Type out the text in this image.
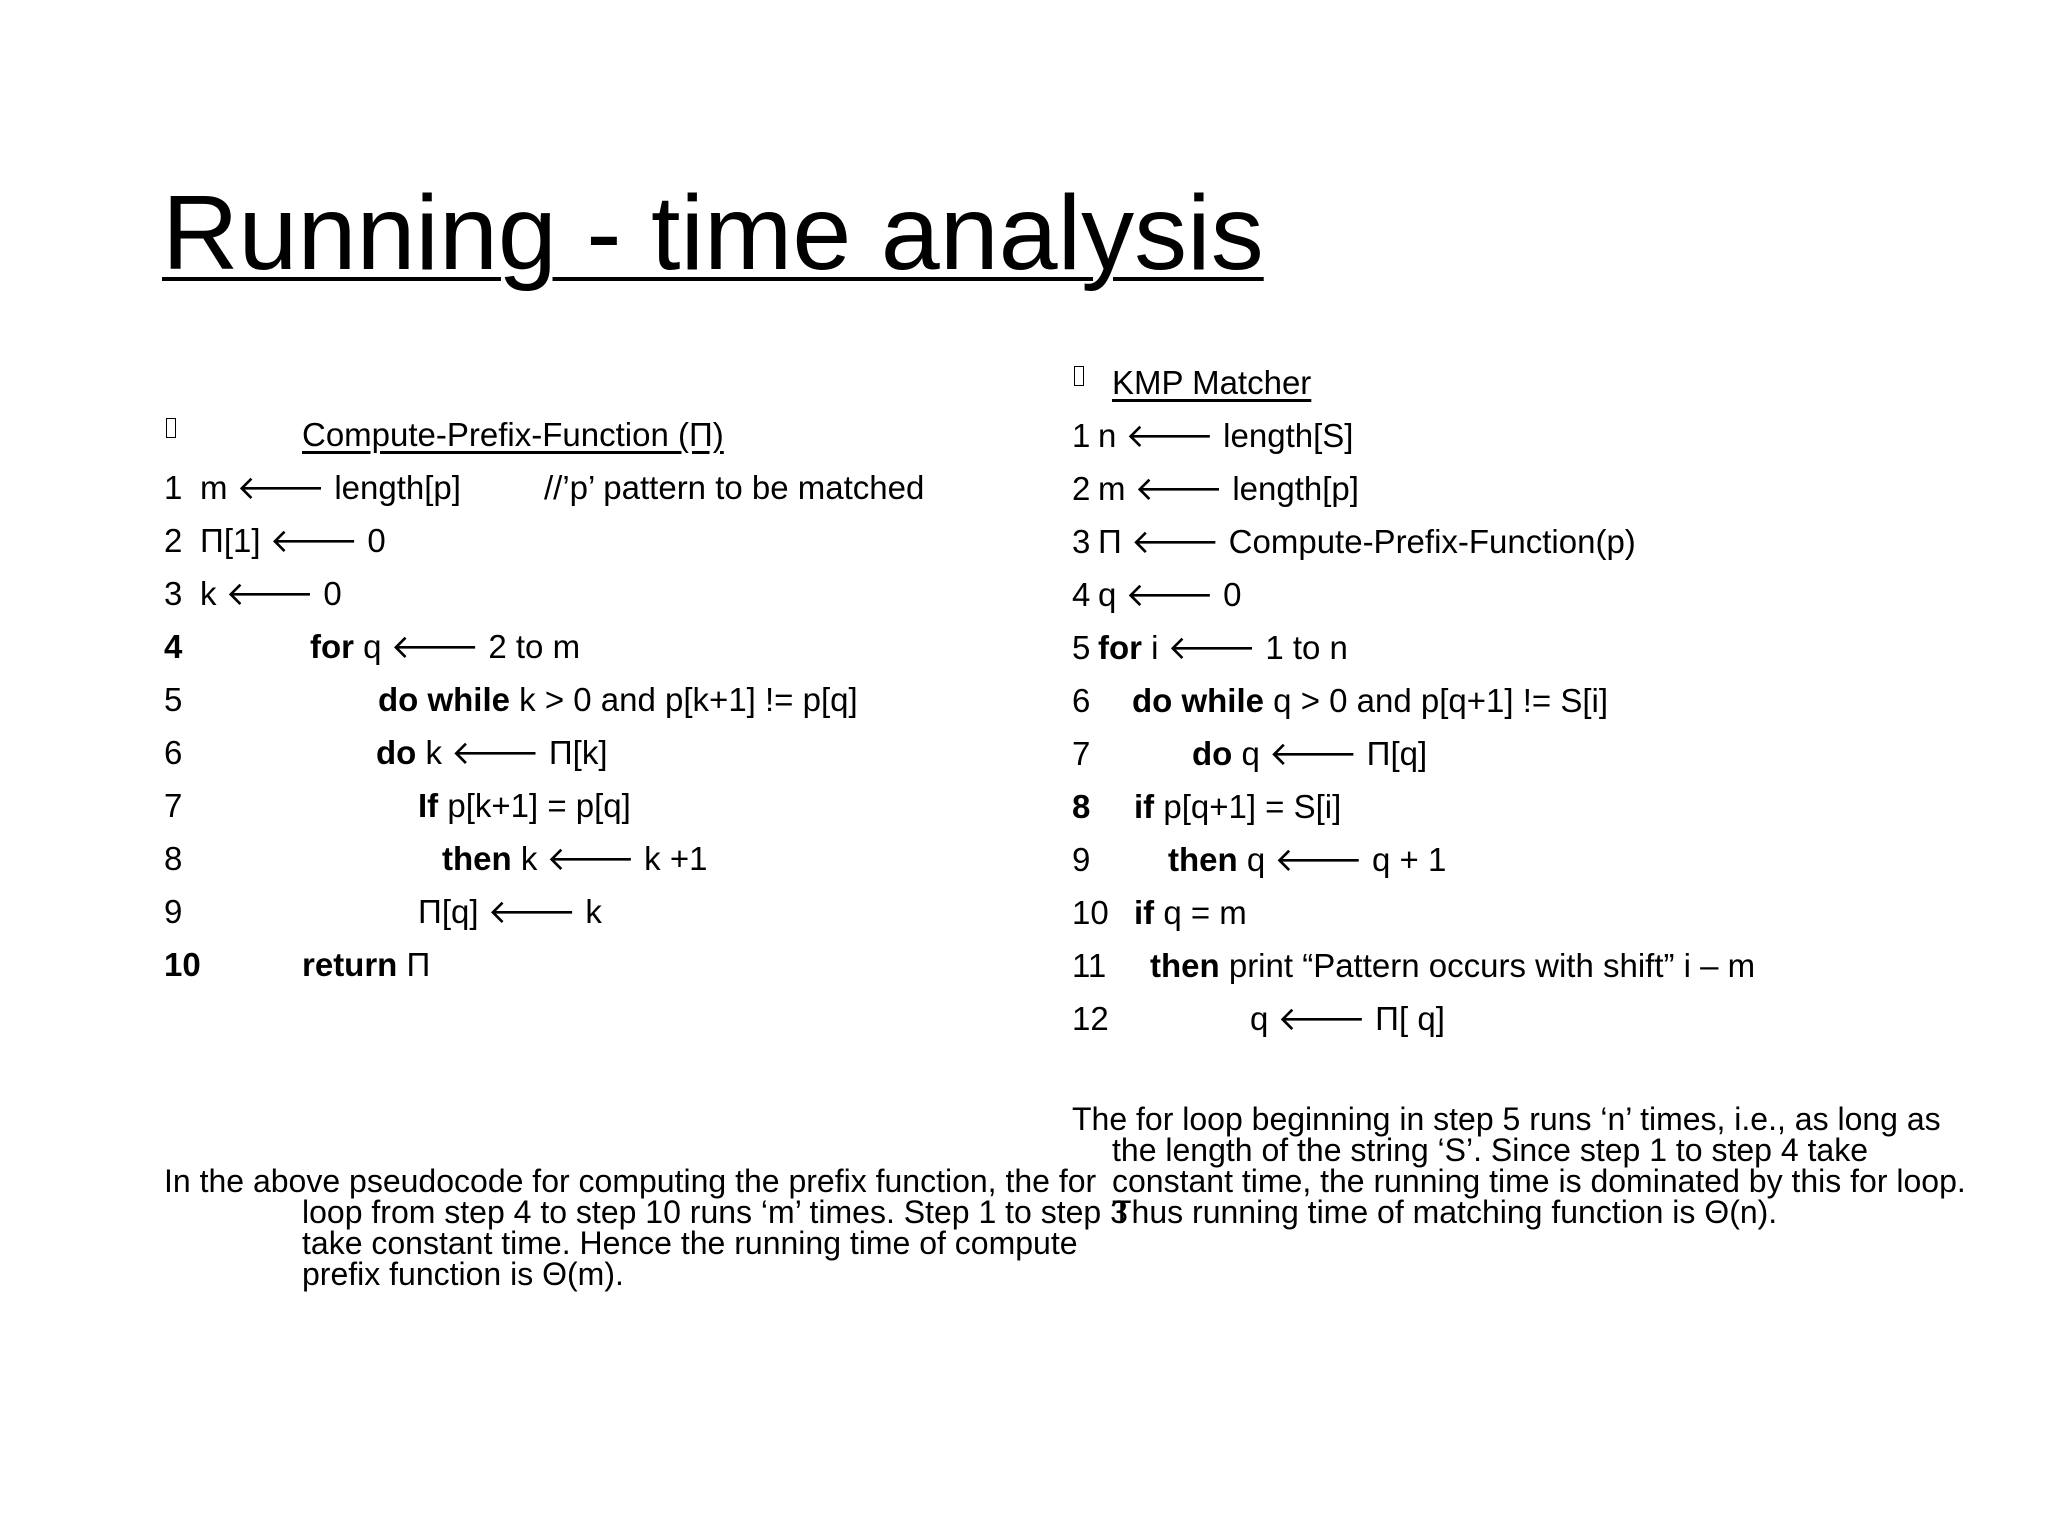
Running - time analysis
Compute-Prefix-Function (Π)
1 m 🡐 length[p]	//’p’ pattern to be matched
2 Π[1] 🡐 0
3 k 🡐 0
4	for q 🡐 2 to m
5	do while k > 0 and p[k+1] != p[q]
6	do k 🡐 Π[k]
7	If p[k+1] = p[q]
8	then k 🡐 k +1
9	Π[q] 🡐 k
10	return Π

In the above pseudocode for computing the prefix function, the for loop from step 4 to step 10 runs ‘m’ times. Step 1 to step 3 take constant time. Hence the running time of compute prefix function is Θ(m).

KMP Matcher
1 n 🡐 length[S]
2 m 🡐 length[p]
3 Π 🡐 Compute-Prefix-Function(p)
4 q 🡐 0
5 for i 🡐 1 to n
6 do while q > 0 and p[q+1] != S[i]
7	do q 🡐 Π[q]
8 if p[q+1] = S[i]
9 then q 🡐 q + 1
10 if q = m
11 then print “Pattern occurs with shift” i – m
12	q 🡐 Π[ q]

The for loop beginning in step 5 runs ‘n’ times, i.e., as long as the length of the string ‘S’. Since step 1 to step 4 take constant time, the running time is dominated by this for loop. Thus running time of matching function is Θ(n).
